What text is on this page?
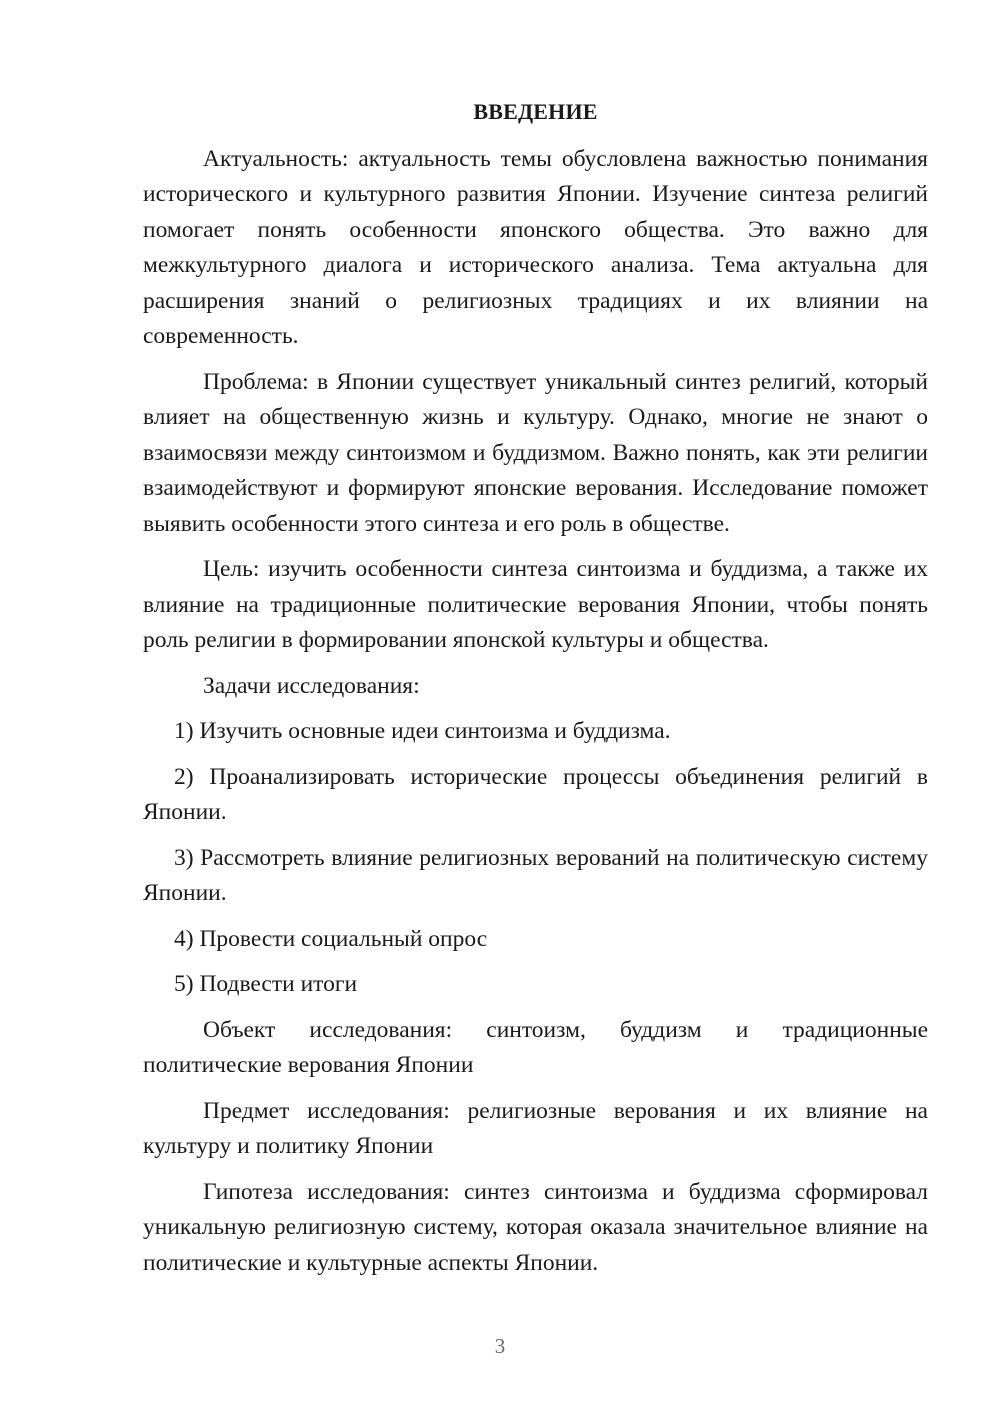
ВВЕДЕНИЕ

Актуальность: актуальность темы обусловлена важностью понимания исторического и культурного развития Японии. Изучение синтеза религий помогает понять особенности японского общества. Это важно для межкультурного диалога и исторического анализа. Тема актуальна для расширения знаний о религиозных традициях и их влиянии на современность.

Проблема: в Японии существует уникальный синтез религий, который влияет на общественную жизнь и культуру. Однако, многие не знают о взаимосвязи между синтоизмом и буддизмом. Важно понять, как эти религии взаимодействуют и формируют японские верования. Исследование поможет выявить особенности этого синтеза и его роль в обществе.

Цель: изучить особенности синтеза синтоизма и буддизма, а также их влияние на традиционные политические верования Японии, чтобы понять роль религии в формировании японской культуры и общества.

Задачи исследования:

1) Изучить основные идеи синтоизма и буддизма.

2) Проанализировать исторические процессы объединения религий в Японии.

3) Рассмотреть влияние религиозных верований на политическую систему Японии.

4) Провести социальный опрос

5) Подвести итоги

Объект исследования: синтоизм, буддизм и традиционные политические верования Японии

Предмет исследования: религиозные верования и их влияние на культуру и политику Японии

Гипотеза исследования: синтез синтоизма и буддизма сформировал уникальную религиозную систему, которая оказала значительное влияние на политические и культурные аспекты Японии.

3
